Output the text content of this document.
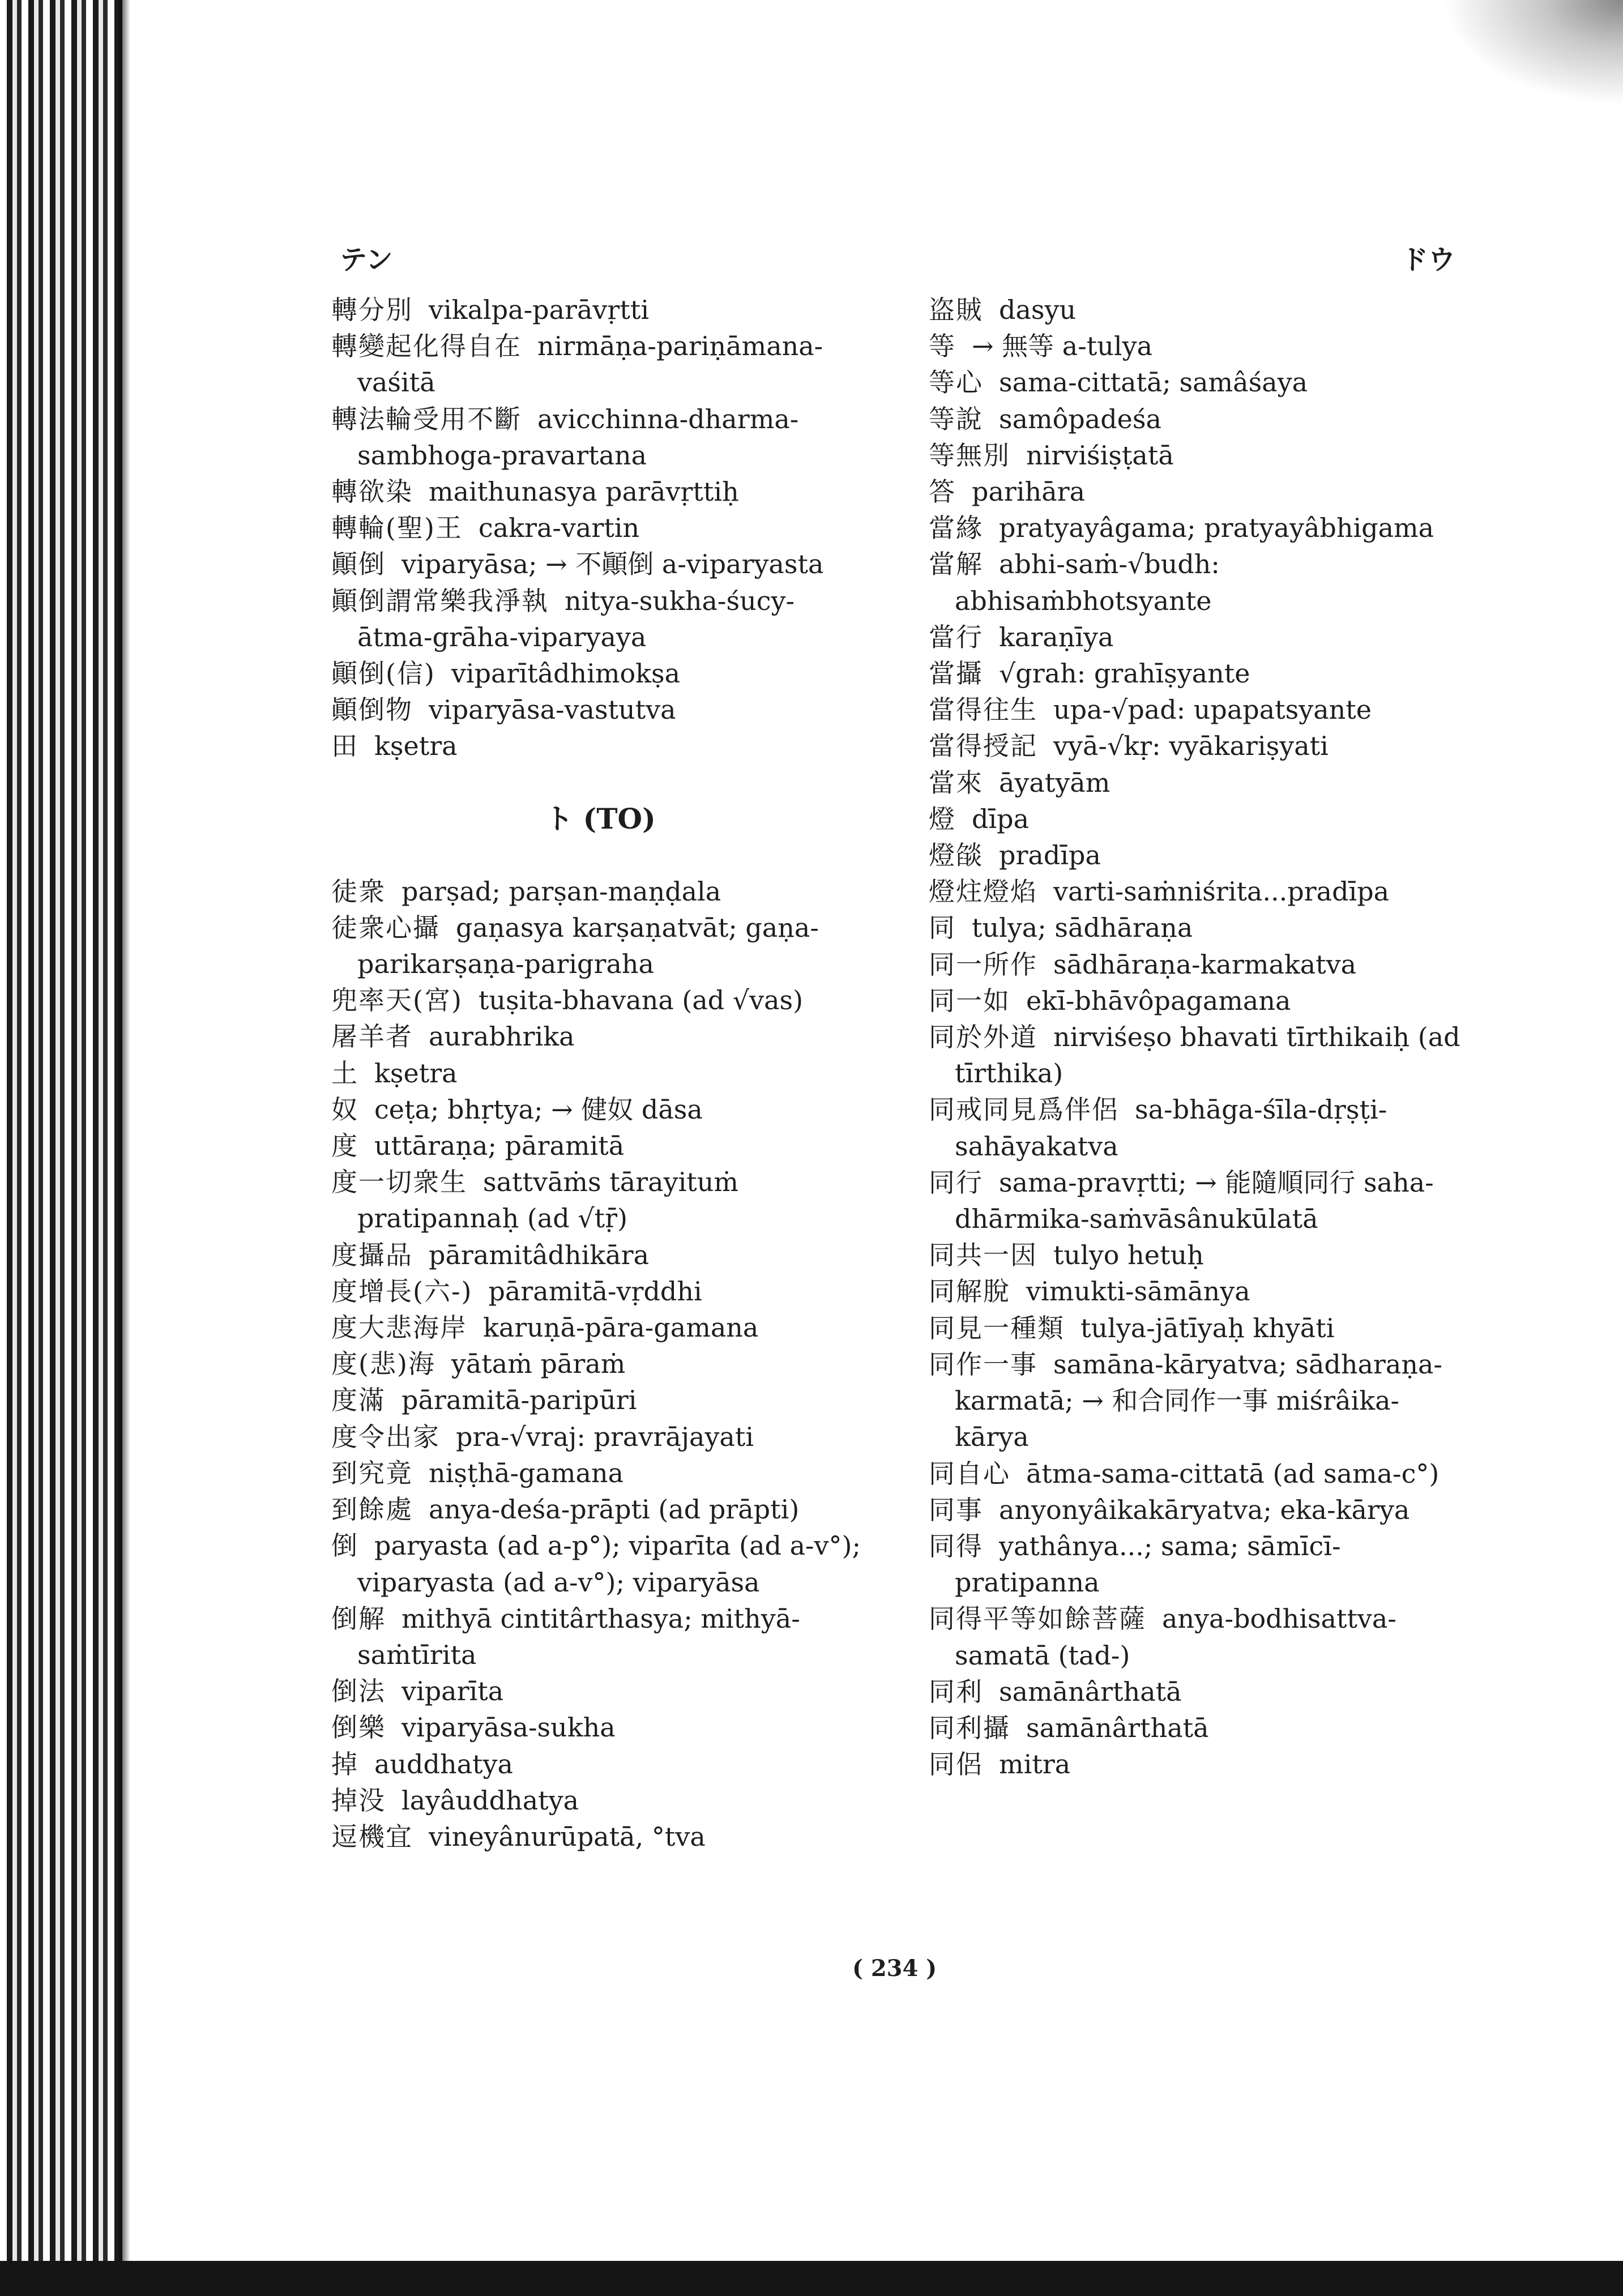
テン	ドウ

轉分別 vikalpa-parāvṛtti

轉變起化得自在 nirmāṇa-pariṇāmana-vaśitā

轉法輪受用不斷 avicchinna-dharma-sambhoga-pravartana

轉欲染 maithunasya parāvṛttiḥ

轉輪(聖)王 cakra-vartin

顚倒 viparyāsa; → 不顚倒 a-viparyasta

顚倒謂常樂我淨執 nitya-sukha-śucy-ātma-grāha-viparyaya

顚倒(信) viparītâdhimokṣa

顚倒物 viparyāsa-vastutva

田 kṣetra

ト (TO)

徒衆 parṣad; parṣan-maṇḍala

徒衆心攝 gaṇasya karṣaṇatvāt; gaṇa-parikarṣaṇa-parigraha

兜率天(宮) tuṣita-bhavana (ad √vas)

屠羊者 aurabhrika

土 kṣetra

奴 ceṭa; bhṛtya; → 健奴 dāsa

度 uttāraṇa; pāramitā

度一切衆生 sattvāṁs tārayituṁ pratipannaḥ (ad √tṝ)

度攝品 pāramitâdhikāra

度增長(六-) pāramitā-vṛddhi

度大悲海岸 karuṇā-pāra-gamana

度(悲)海 yātaṁ pāraṁ

度滿 pāramitā-paripūri

度令出家 pra-√vraj: pravrājayati

到究竟 niṣṭhā-gamana

到餘處 anya-deśa-prāpti (ad prāpti)

倒 paryasta (ad a-p°); viparīta (ad a-v°); viparyasta (ad a-v°); viparyāsa

倒解 mithyā cintitârthasya; mithyā-saṁtīrita

倒法 viparīta

倒樂 viparyāsa-sukha

掉 auddhatya

掉没 layâuddhatya

逗機宜 vineyânurūpatā, °tva

盗賊 dasyu

等 → 無等 a-tulya

等心 sama-cittatā; samâśaya

等說 samôpadeśa

等無別 nirviśiṣṭatā

答 parihāra

當緣 pratyayâgama; pratyayâbhigama

當解 abhi-saṁ-√budh: abhisaṁbhotsyante

當行 karaṇīya

當攝 √grah: grahīṣyante

當得往生 upa-√pad: upapatsyante

當得授記 vyā-√kṛ: vyākariṣyati

當來 āyatyām

燈 dīpa

燈燄 pradīpa

燈炷燈焰 varti-saṁniśrita...pradīpa

同 tulya; sādhāraṇa

同一所作 sādhāraṇa-karmakatva

同一如 ekī-bhāvôpagamana

同於外道 nirviśeṣo bhavati tīrthikaiḥ (ad tīrthika)

同戒同見爲伴侶 sa-bhāga-śīla-dṛṣṭi-sahāyakatva

同行 sama-pravṛtti; → 能隨順同行 saha-dhārmika-saṁvāsânukūlatā

同共一因 tulyo hetuḥ

同解脫 vimukti-sāmānya

同見一種類 tulya-jātīyaḥ khyāti

同作一事 samāna-kāryatva; sādharaṇa-karmatā; → 和合同作一事 miśrâika-kārya

同自心 ātma-sama-cittatā (ad sama-c°)

同事 anyonyâikakāryatva; eka-kārya

同得 yathânya...; sama; sāmīcī-pratipanna

同得平等如餘菩薩 anya-bodhisattva-samatā (tad-)

同利 samānârthatā

同利攝 samānârthatā

同侶 mitra

( 234 )
